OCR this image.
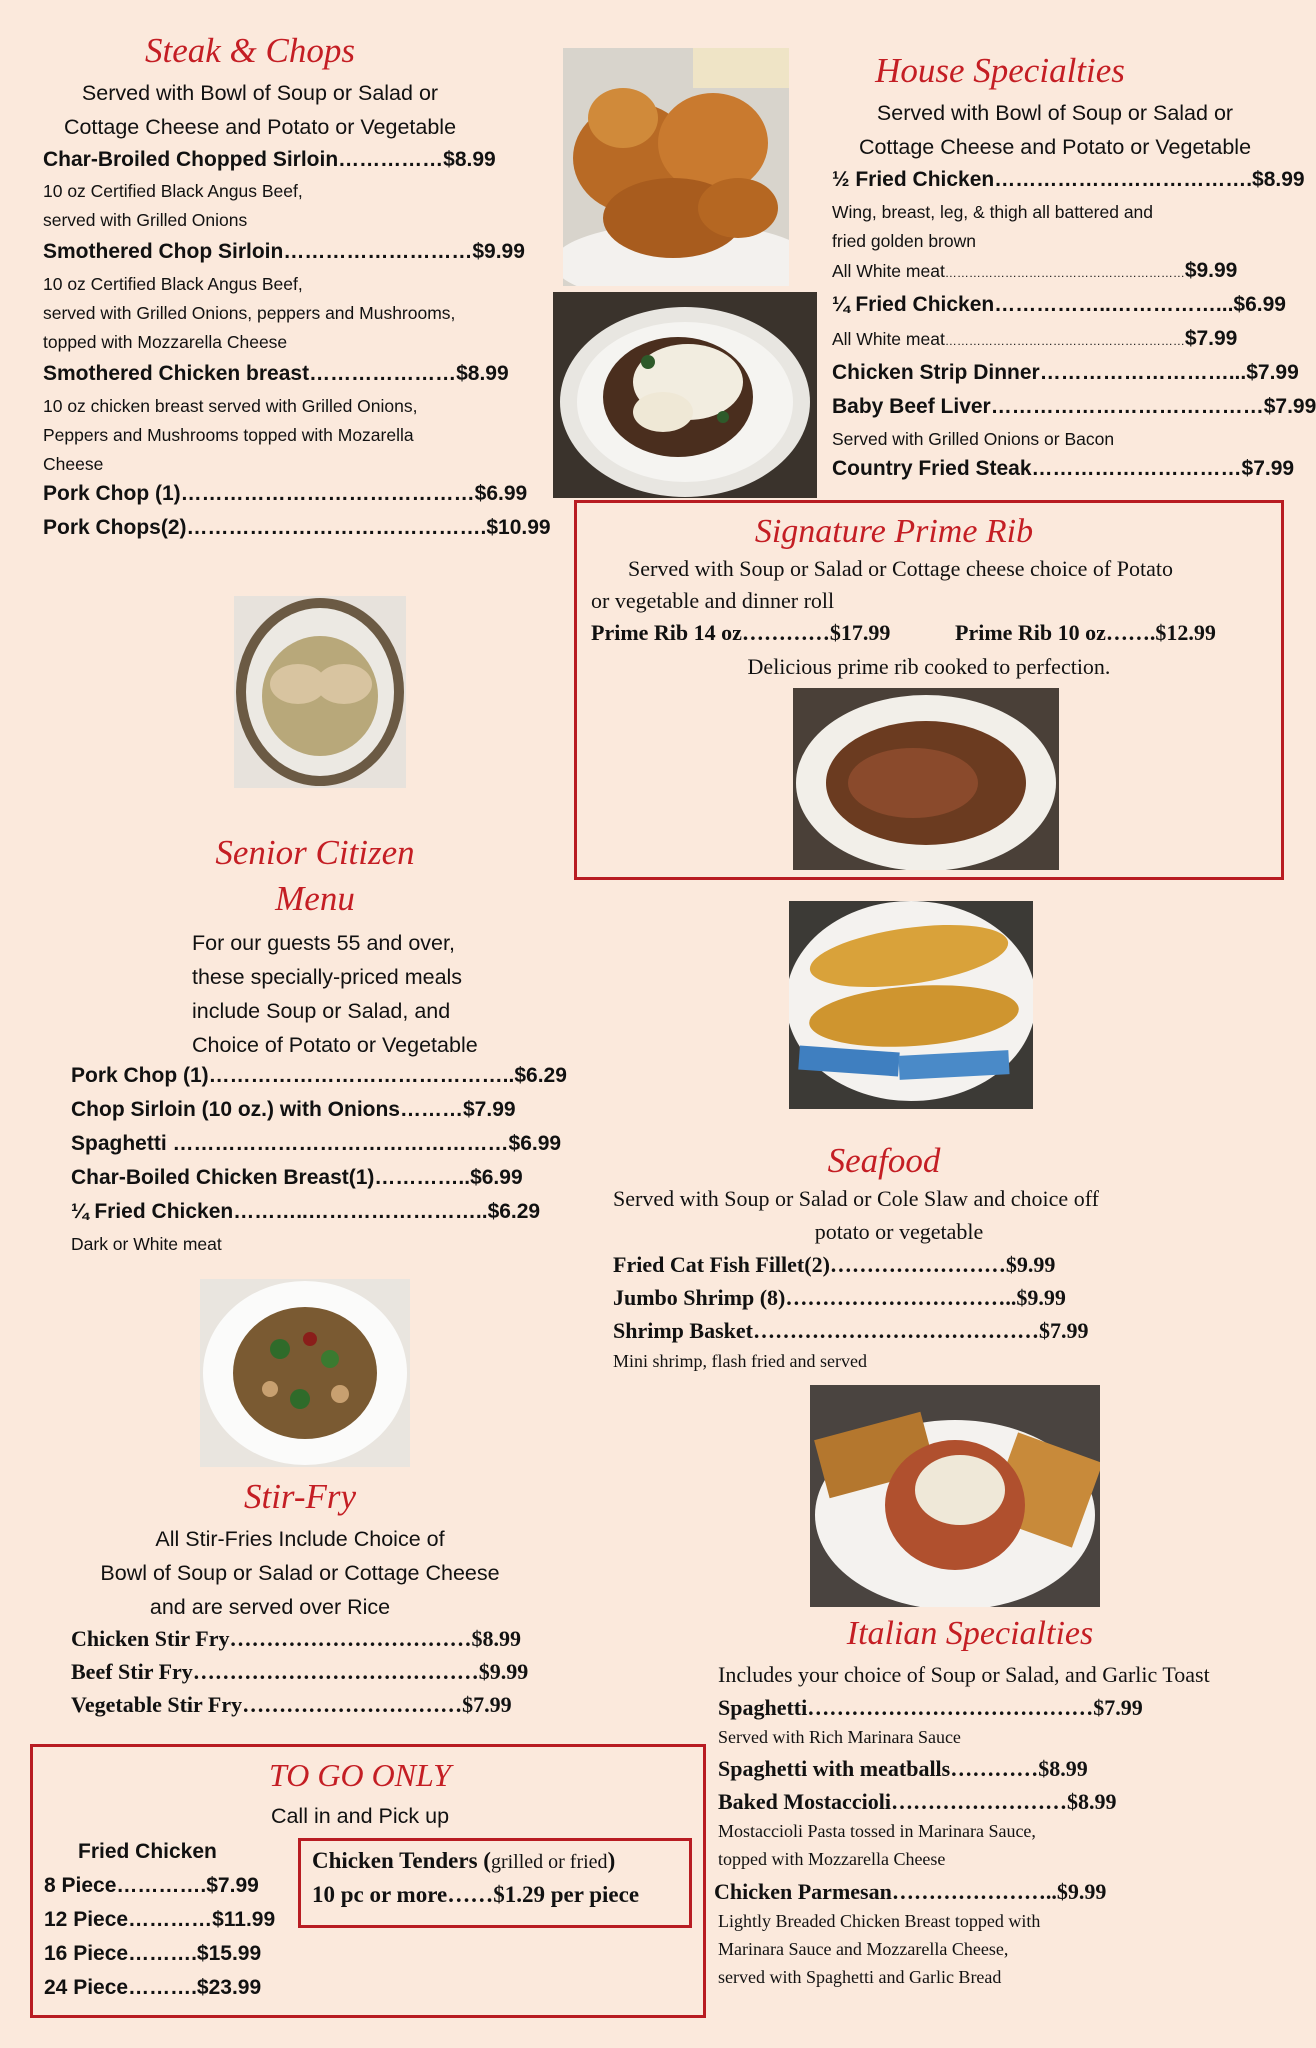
Steak & Chops
Served with Bowl of Soup or Salad or
Cottage Cheese and Potato or Vegetable
Char-Broiled Chopped Sirloin……………$8.99
10 oz Certified Black Angus Beef,
served with Grilled Onions
Smothered Chop Sirloin………………………$9.99
10 oz Certified Black Angus Beef,
served with Grilled Onions, peppers and Mushrooms,
topped with Mozzarella Cheese
Smothered Chicken breast…………………$8.99
10 oz chicken breast served with Grilled Onions,
Peppers and Mushrooms topped with Mozarella
Cheese
Pork Chop (1)……………………………………$6.99
Pork Chops(2)…………………………………….$10.99
House Specialties
Served with Bowl of Soup or Salad or
Cottage Cheese and Potato or Vegetable
½ Fried Chicken……………………………….$8.99
Wing, breast, leg, & thigh all battered and
fried golden brown
All White meat……………………………………………………$9.99
¼ Fried Chicken……………..……………...$6.99
All White meat……………………………………………………$7.99
Chicken Strip Dinner………………………...$7.99
Baby Beef Liver…………………………………$7.99
Served with Grilled Onions or Bacon
Country Fried Steak…………………………$7.99
Signature Prime Rib
Served with Soup or Salad or Cottage cheese choice of Potato
or vegetable and dinner roll
Prime Rib 14 oz…………$17.99	Prime Rib 10 oz…….$12.99
Delicious prime rib cooked to perfection.
Senior Citizen
Menu
For our guests 55 and over,
these specially-priced meals
include Soup or Salad, and
Choice of Potato or Vegetable
Pork Chop (1)……………………………………..$6.29
Chop Sirloin (10 oz.) with Onions………$7.99
Spaghetti …………………………………………$6.99
Char-Boiled Chicken Breast(1)…………..$6.99
¼ Fried Chicken………..……………………..$6.29
Dark or White meat
Seafood
Served with Soup or Salad or Cole Slaw and choice off
potato or vegetable
Fried Cat Fish Fillet(2)……………………$9.99
Jumbo Shrimp (8)…………………………..$9.99
Shrimp Basket…………………………………$7.99
Mini shrimp, flash fried and served
Stir-Fry
All Stir-Fries Include Choice of
Bowl of Soup or Salad or Cottage Cheese
and are served over Rice
Chicken Stir Fry……………………………$8.99
Beef Stir Fry…………………………………$9.99
Vegetable Stir Fry…………………………$7.99
Italian Specialties
Includes your choice of Soup or Salad, and Garlic Toast
Spaghetti…………………………………$7.99
Served with Rich Marinara Sauce
Spaghetti with meatballs…………$8.99
Baked Mostaccioli……………………$8.99
Mostaccioli Pasta tossed in Marinara Sauce,
topped with Mozzarella Cheese
Chicken Parmesan…………………..$9.99
Lightly Breaded Chicken Breast topped with
Marinara Sauce and Mozzarella Cheese,
served with Spaghetti and Garlic Bread
TO GO ONLY
Call in and Pick up
Fried Chicken
8 Piece………….$7.99
12 Piece…………$11.99
16 Piece……….$15.99
24 Piece……….$23.99
Chicken Tenders (grilled or fried)
10 pc or more……$1.29 per piece
